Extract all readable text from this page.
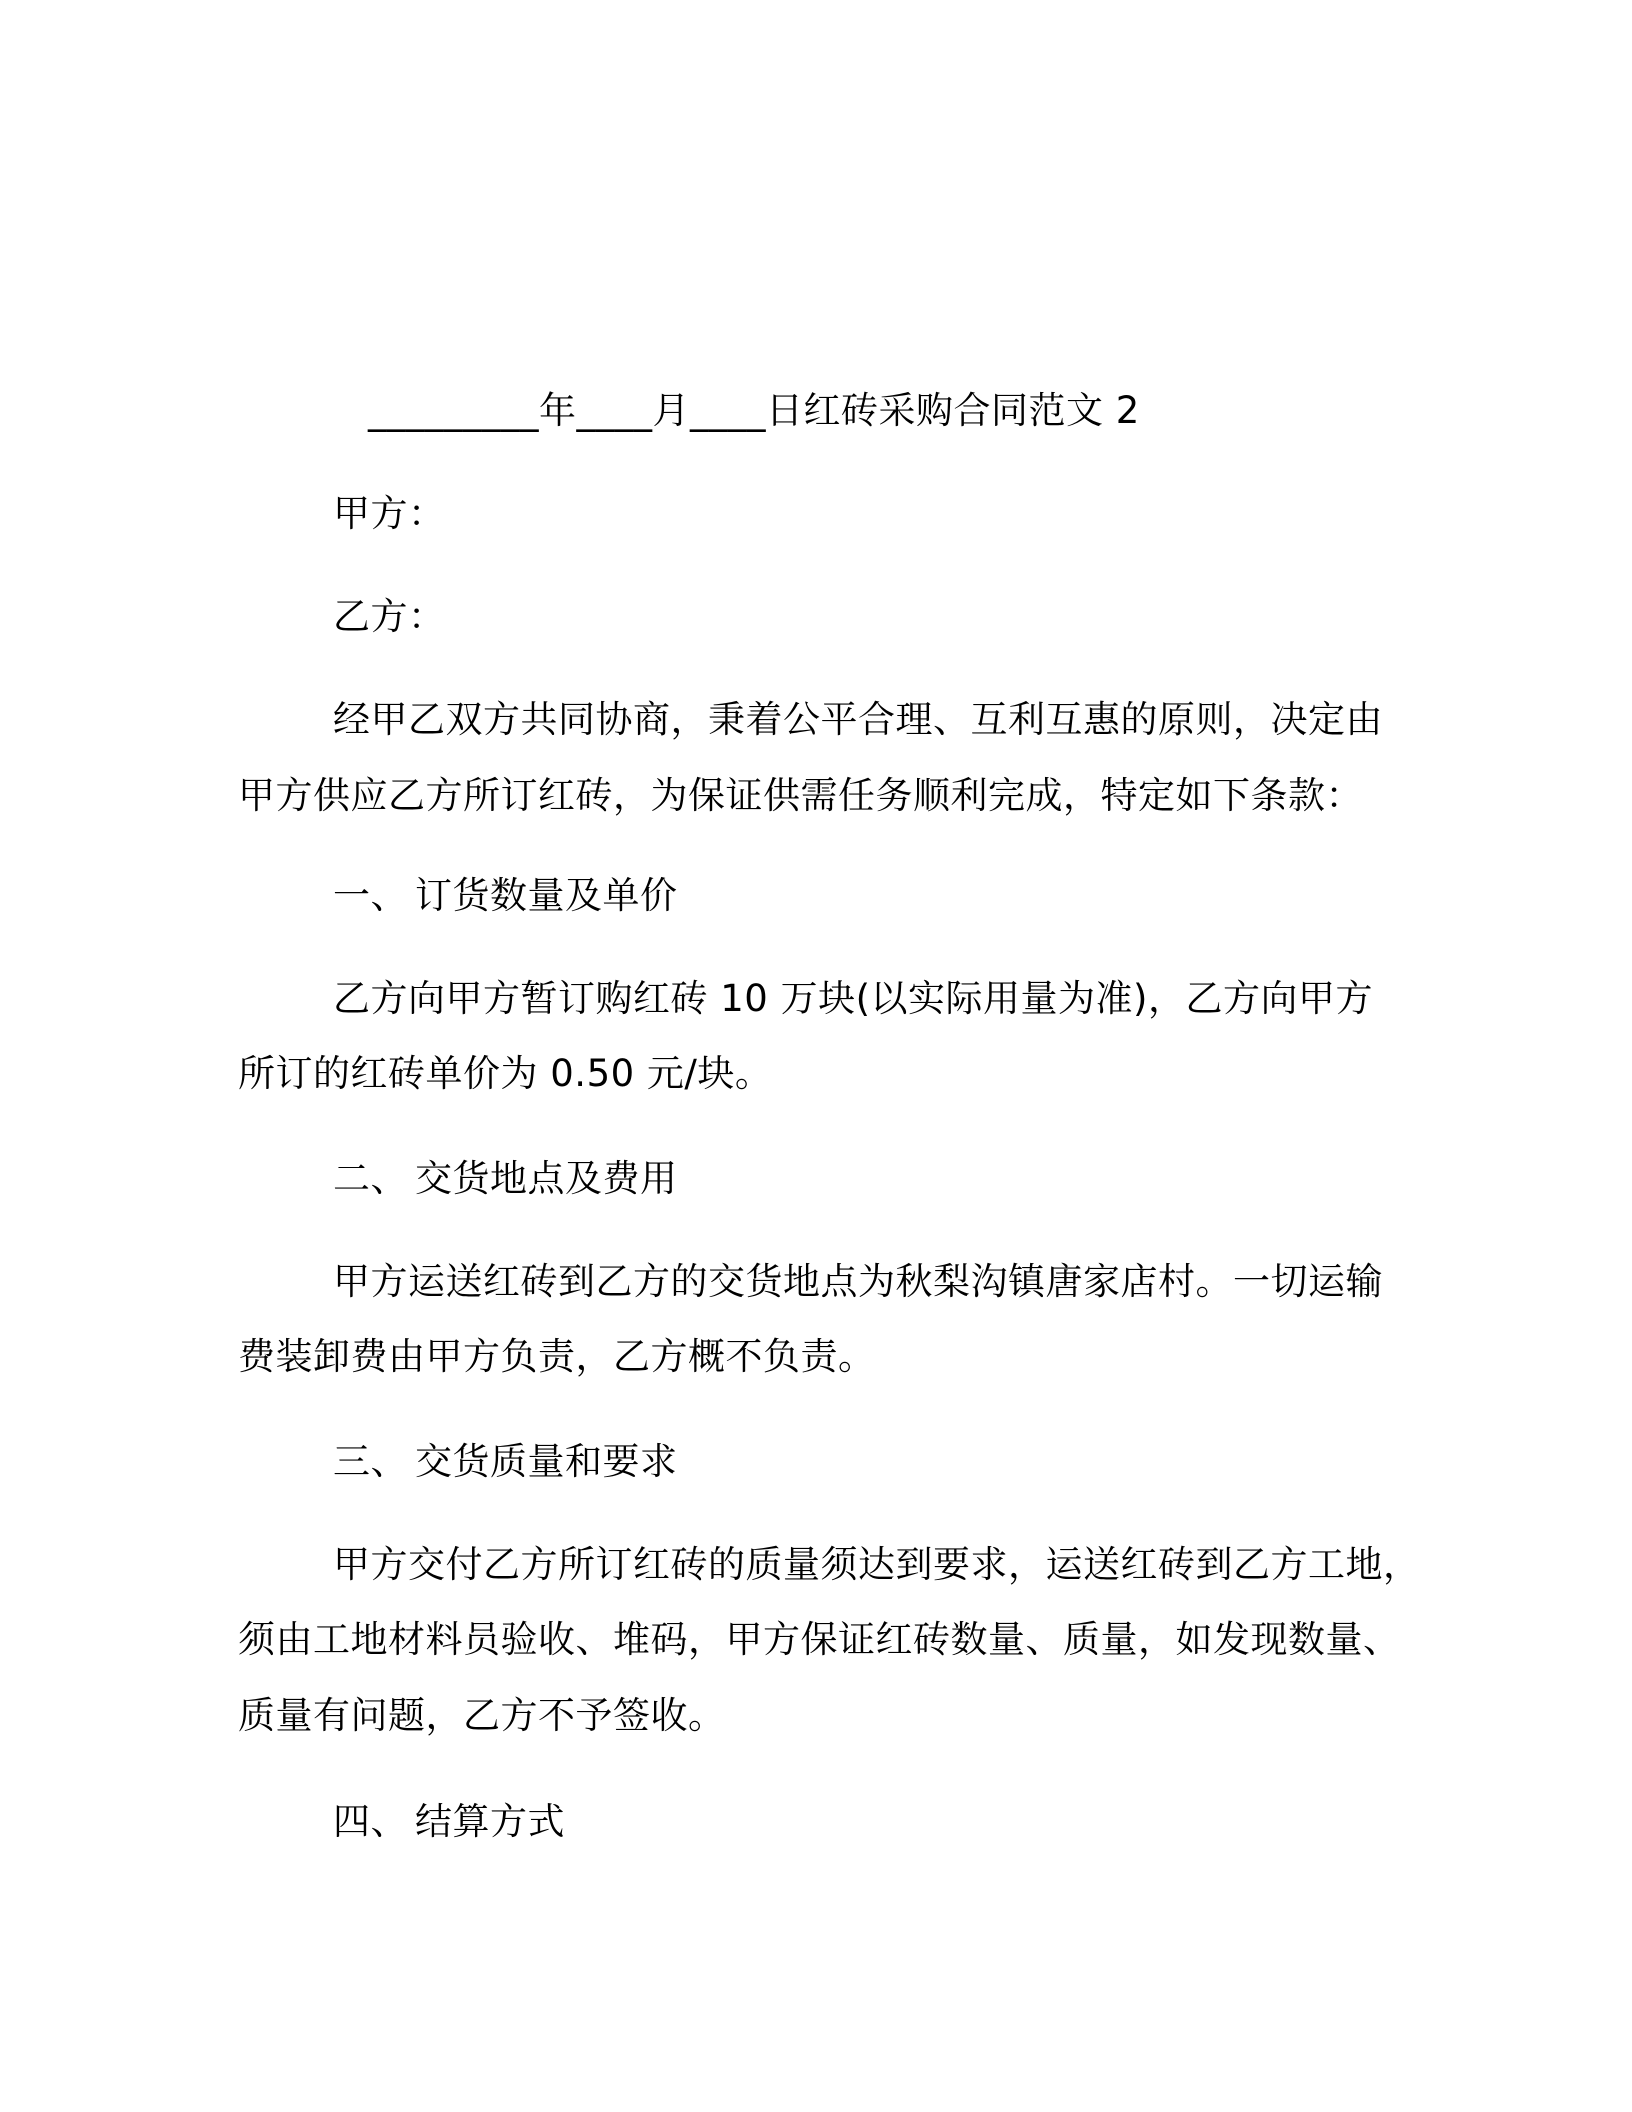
_________年____月____日红砖采购合同范文 2
甲方：
乙方：
经甲乙双方共同协商，秉着公平合理、互利互惠的原则，决定由
甲方供应乙方所订红砖，为保证供需任务顺利完成，特定如下条款：
一、 订货数量及单价
乙方向甲方暂订购红砖 10 万块(以实际用量为准)，乙方向甲方
所订的红砖单价为 0.50 元/块。
二、 交货地点及费用
甲方运送红砖到乙方的交货地点为秋梨沟镇唐家店村。一切运输
费装卸费由甲方负责，乙方概不负责。
三、 交货质量和要求
甲方交付乙方所订红砖的质量须达到要求，运送红砖到乙方工地，
须由工地材料员验收、堆码，甲方保证红砖数量、质量，如发现数量、
质量有问题，乙方不予签收。
四、 结算方式
